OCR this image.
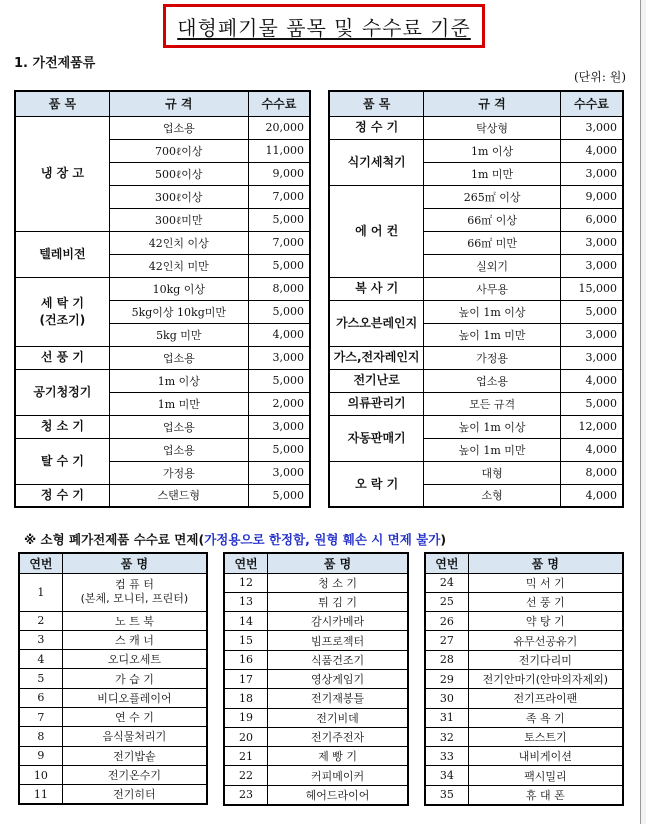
대형폐기물 품목 및 수수료 기준
1. 가전제품류
(단위: 원)
품 목	규 격	수수료
냉 장 고	업소용	20,000
	700ℓ이상	11,000
	500ℓ이상	9,000
	300ℓ이상	7,000
	300ℓ미만	5,000
텔레비전	42인치 이상	7,000
	42인치 미만	5,000
세 탁 기
(건조기)	10kg 이상	8,000
	5kg이상 10kg미만	5,000
	5kg 미만	4,000
선 풍 기	업소용	3,000
공기청정기	1m 이상	5,000
	1m 미만	2,000
청 소 기	업소용	3,000
탈 수 기	업소용	5,000
	가정용	3,000
정 수 기	스탠드형	5,000
품 목	규 격	수수료
정 수 기	탁상형	3,000
식기세척기	1m 이상	4,000
	1m 미만	3,000
에 어 컨	265㎡ 이상	9,000
	66㎡ 이상	6,000
	66㎡ 미만	3,000
	실외기	3,000
복 사 기	사무용	15,000
가스오븐레인지	높이 1m 이상	5,000
	높이 1m 미만	3,000
가스,전자레인지	가정용	3,000
전기난로	업소용	4,000
의류관리기	모든 규격	5,000
자동판매기	높이 1m 이상	12,000
	높이 1m 미만	4,000
오 락 기	대형	8,000
	소형	4,000
※ 소형 폐가전제품 수수료 면제(가정용으로 한정함, 원형 훼손 시 면제 불가)
연번	품 명
1	컴 퓨 터
(본체, 모니터, 프린터)
2	노 트 북
3	스 캐 너
4	오디오세트
5	가 습 기
6	비디오플레이어
7	연 수 기
8	음식물처리기
9	전기밥솥
10	전기온수기
11	전기히터
연번	품 명
12	청 소 기
13	튀 김 기
14	감시카메라
15	빔프로젝터
16	식품건조기
17	영상게임기
18	전기재봉틀
19	전기비데
20	전기주전자
21	제 빵 기
22	커피메이커
23	헤어드라이어
연번	품 명
24	믹 서 기
25	선 풍 기
26	약 탕 기
27	유무선공유기
28	전기다리미
29	전기안마기(안마의자제외)
30	전기프라이팬
31	족 욕 기
32	토스트기
33	내비게이션
34	팩시밀리
35	휴 대 폰
